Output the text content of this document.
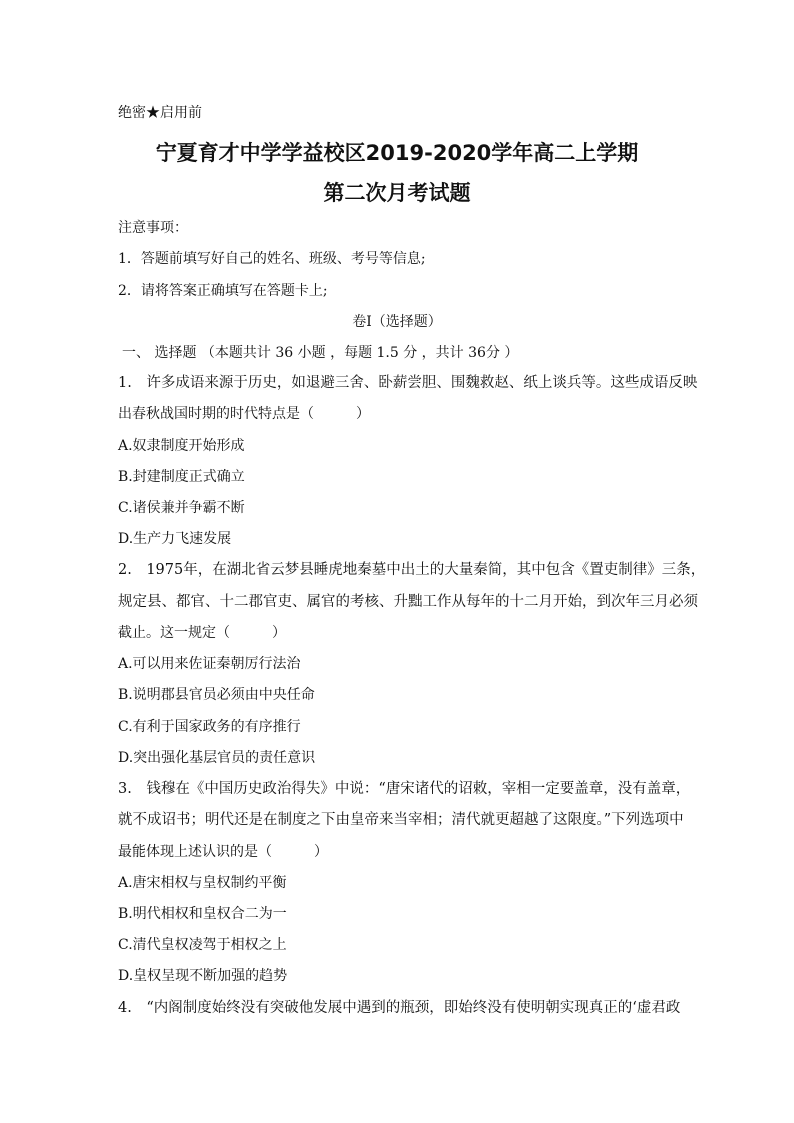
绝密★启用前
宁夏育才中学学益校区2019-2020学年高二上学期
第二次月考试题
注意事项：
1．答题前填写好自己的姓名、班级、考号等信息;
2．请将答案正确填写在答题卡上;
卷I（选择题）
一、 选择题 （本题共计 36 小题 ，每题 1.5 分 ，共计 36分 ）
1.　许多成语来源于历史，如退避三舍、卧薪尝胆、围魏救赵、纸上谈兵等。这些成语反映
出春秋战国时期的时代特点是（　　　）
A.奴隶制度开始形成
B.封建制度正式确立
C.诸侯兼并争霸不断
D.生产力飞速发展
2.　1975年，在湖北省云梦县睡虎地秦墓中出土的大量秦简，其中包含《置吏制律》三条，
规定县、都官、十二郡官吏、属官的考核、升黜工作从每年的十二月开始，到次年三月必须
截止。这一规定（　　　）
A.可以用来佐证秦朝厉行法治
B.说明郡县官员必须由中央任命
C.有利于国家政务的有序推行
D.突出强化基层官员的责任意识
3.　钱穆在《中国历史政治得失》中说：“唐宋诸代的诏敕，宰相一定要盖章，没有盖章，
就不成诏书；明代还是在制度之下由皇帝来当宰相；清代就更超越了这限度。”下列选项中
最能体现上述认识的是（　　　）
A.唐宋相权与皇权制约平衡
B.明代相权和皇权合二为一
C.清代皇权凌驾于相权之上
D.皇权呈现不断加强的趋势
4.　“内阁制度始终没有突破他发展中遇到的瓶颈，即始终没有使明朝实现真正的‘虚君政
